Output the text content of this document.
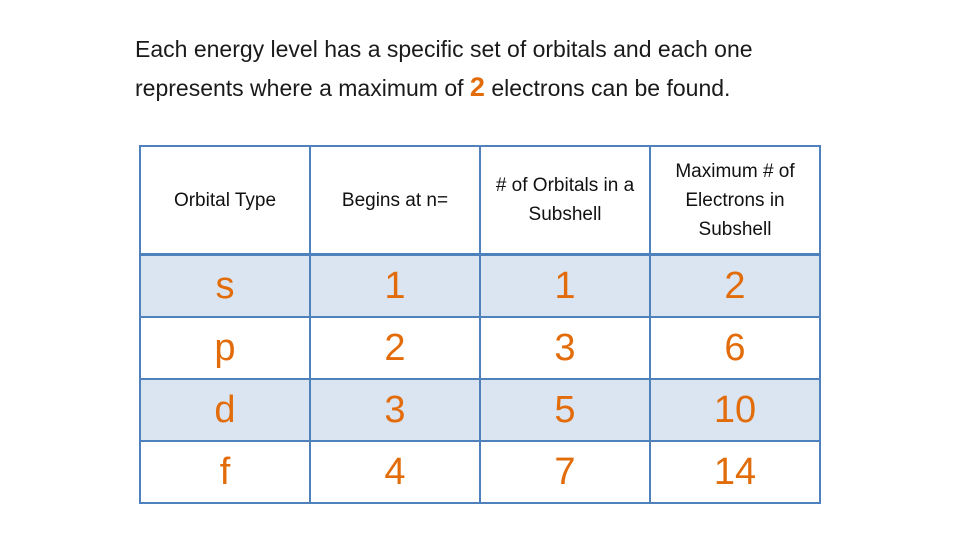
Each energy level has a specific set of orbitals and each one
represents where a maximum of 2 electrons can be found.
Orbital Type	Begins at n=	# of Orbitals in a Subshell	Maximum # of Electrons in Subshell
s	1	1	2
p	2	3	6
d	3	5	10
f	4	7	14
